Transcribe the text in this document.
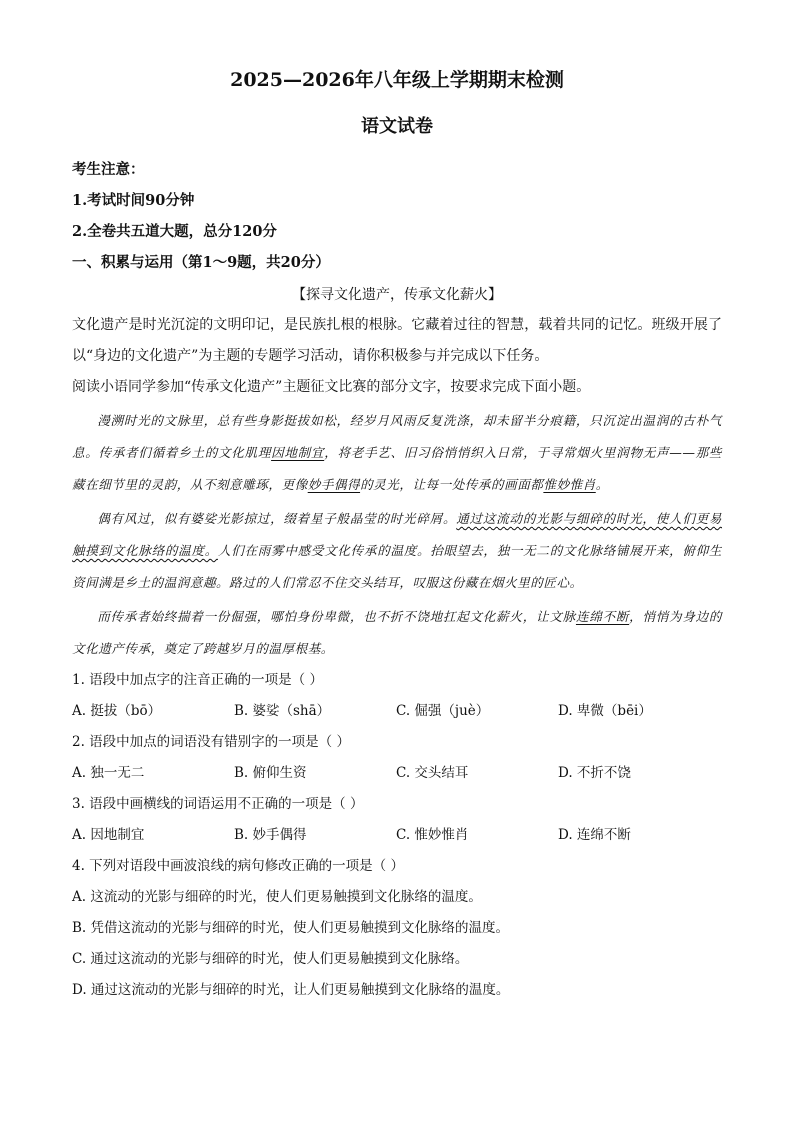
2025—2026年八年级上学期期末检测
语文试卷
考生注意：
1.考试时间90分钟
2.全卷共五道大题，总分120分
一、积累与运用（第1～9题，共20分）
【探寻文化遗产，传承文化薪火】
文化遗产是时光沉淀的文明印记，是民族扎根的根脉。它藏着过往的智慧，载着共同的记忆。班级开展了以“身边的文化遗产”为主题的专题学习活动，请你积极参与并完成以下任务。
阅读小语同学参加“传承文化遗产”主题征文比赛的部分文字，按要求完成下面小题。
漫溯时光的文脉里，总有些身影挺拔如松，经岁月风雨反复洗涤，却未留半分痕籍，只沉淀出温润的古朴气息。传承者们循着乡土的文化肌理因地制宜，将老手艺、旧习俗悄悄织入日常，于寻常烟火里润物无声——那些藏在细节里的灵韵，从不刻意雕琢，更像妙手偶得的灵光，让每一处传承的画面都惟妙惟肖。
偶有风过，似有婆娑光影掠过，缀着星子般晶莹的时光碎屑。通过这流动的光影与细碎的时光，使人们更易触摸到文化脉络的温度。人们在雨雾中感受文化传承的温度。抬眼望去，独一无二的文化脉络铺展开来，俯仰生资间满是乡土的温润意趣。路过的人们常忍不住交头结耳，叹服这份藏在烟火里的匠心。
而传承者始终揣着一份倔强，哪怕身份卑微，也不折不饶地扛起文化薪火，让文脉连绵不断，悄悄为身边的文化遗产传承，奠定了跨越岁月的温厚根基。
1. 语段中加点字的注音正确的一项是（ ）
A. 挺拔（bō）	B. 婆娑（shā）	C. 倔强（juè）	D. 卑微（bēi）
2. 语段中加点的词语没有错别字的一项是（ ）
A. 独一无二	B. 俯仰生资	C. 交头结耳	D. 不折不饶
3. 语段中画横线的词语运用不正确的一项是（ ）
A. 因地制宜	B. 妙手偶得	C. 惟妙惟肖	D. 连绵不断
4. 下列对语段中画波浪线的病句修改正确的一项是（ ）
A. 这流动的光影与细碎的时光，使人们更易触摸到文化脉络的温度。
B. 凭借这流动的光影与细碎的时光，使人们更易触摸到文化脉络的温度。
C. 通过这流动的光影与细碎的时光，使人们更易触摸到文化脉络。
D. 通过这流动的光影与细碎的时光，让人们更易触摸到文化脉络的温度。
